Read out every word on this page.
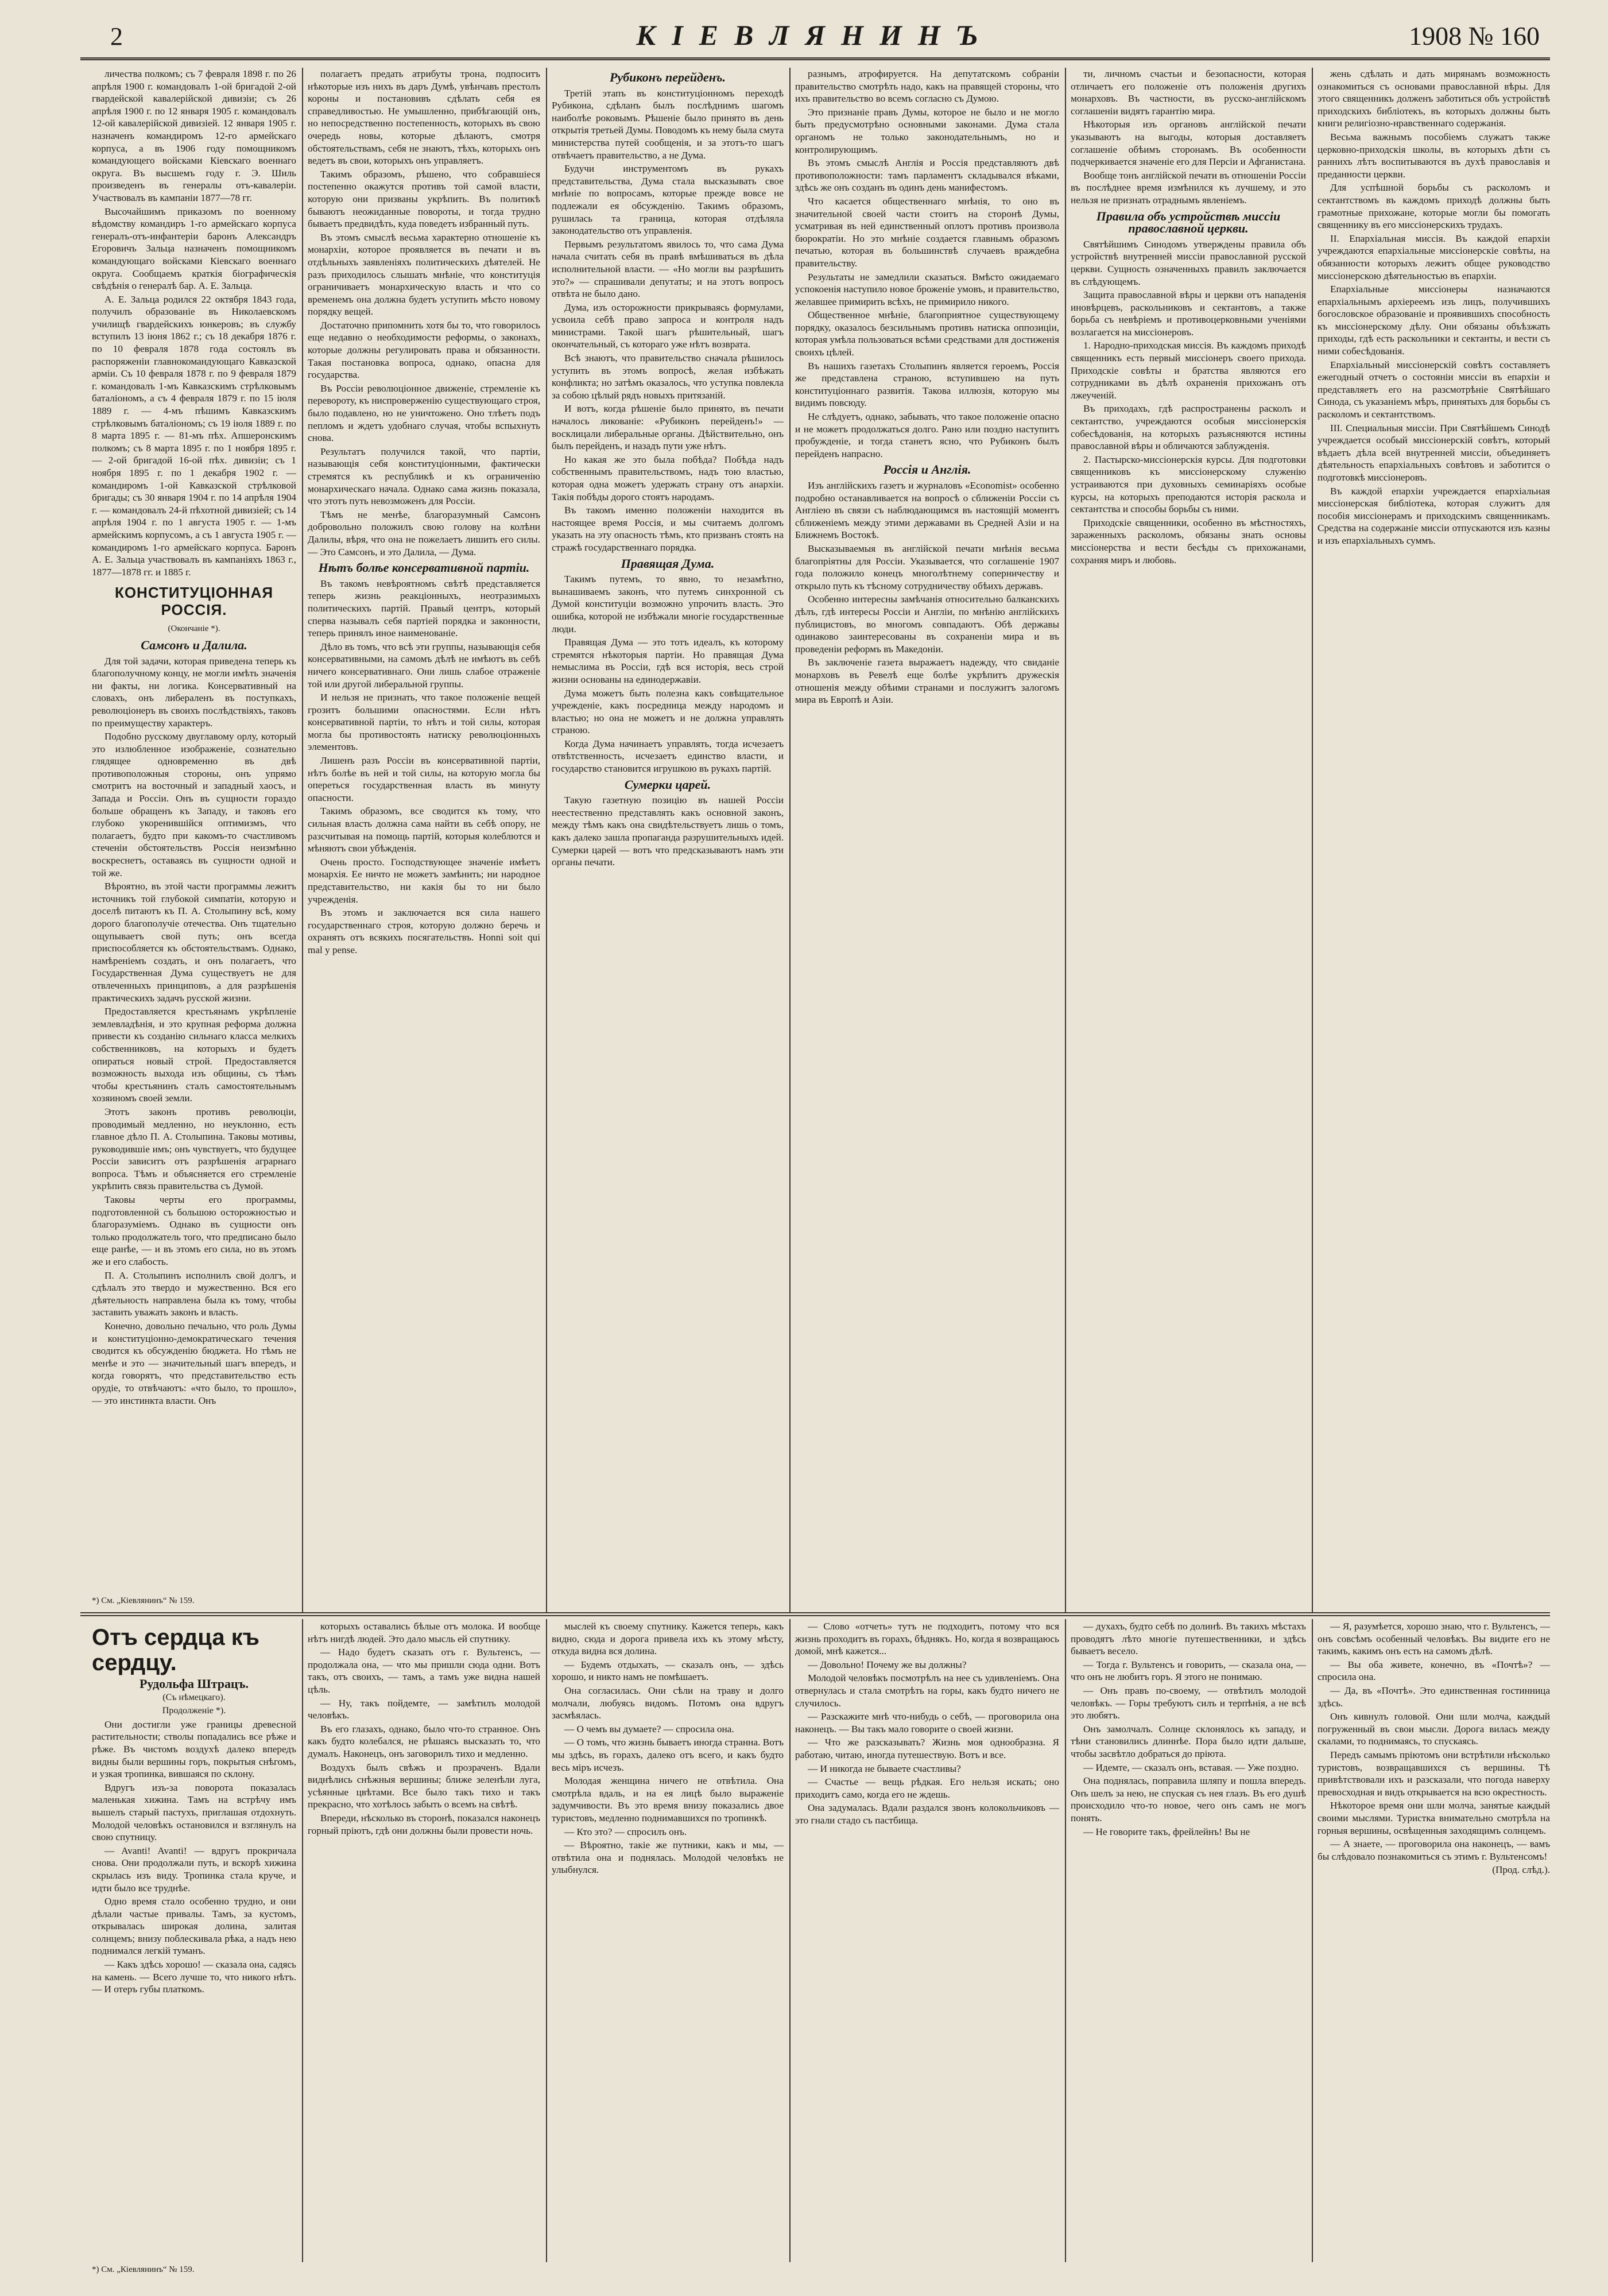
2	КІЕВЛЯНИНЪ	1908 № 160

личества полкомъ; съ 7 февраля 1898 г. по 26 апрѣля 1900 г. командовалъ 1-ой бригадой 2-ой гвардейской кавалерійской дивизіи; съ 26 апрѣля 1900 г. по 12 января 1905 г. командовалъ 12-ой кавалерійской дивизіей. 12 января 1905 г. назначенъ командиромъ 12-го армейскаго корпуса, а въ 1906 году помощникомъ командующего войсками Кіевскаго военнаго округа. Въ высшемъ году г. Э. Шиль произведенъ въ генералы отъ-кавалеріи. Участвовалъ въ кампаніи 1877—78 гг.

Высочайшимъ приказомъ по военному вѣдомству командиръ 1-го армейскаго корпуса генералъ-отъ-инфантеріи баронъ Александръ Егоровичъ Зальца назначенъ помощникомъ командующаго войсками Кіевскаго военнаго округа. Сообщаемъ краткія біографическія свѣдѣнія о генералѣ бар. А. Е. Зальца.

А. Е. Зальца родился 22 октября 1843 года, получилъ образованіе въ Николаевскомъ училищѣ гвардейскихъ юнкеровъ; въ службу вступилъ 13 іюня 1862 г.; съ 18 декабря 1876 г. по 10 февраля 1878 года состоялъ въ распоряженіи главнокомандующаго Кавказской арміи. Съ 10 февраля 1878 г. по 9 февраля 1879 г. командовалъ 1-мъ Кавказскимъ стрѣлковымъ баталіономъ, а съ 4 февраля 1879 г. по 15 іюля 1889 г. — 4-мъ пѣшимъ Кавказскимъ стрѣлковымъ баталіономъ; съ 19 іюля 1889 г. по 8 марта 1895 г. — 81-мъ пѣх. Апшеронскимъ полкомъ; съ 8 марта 1895 г. по 1 ноября 1895 г. — 2-ой бригадой 16-ой пѣх. дивизіи; съ 1 ноября 1895 г. по 1 декабря 1902 г. — командиромъ 1-ой Кавказской стрѣлковой бригады; съ 30 января 1904 г. по 14 апрѣля 1904 г. — командовалъ 24-й пѣхотной дивизіей; съ 14 апрѣля 1904 г. по 1 августа 1905 г. — 1-мъ армейскимъ корпусомъ, а съ 1 августа 1905 г. — командиромъ 1-го армейскаго корпуса. Баронъ А. Е. Зальца участвовалъ въ кампаніяхъ 1863 г., 1877—1878 гг. и 1885 г.

КОНСТИТУЦІОННАЯ РОССІЯ.

(Окончаніе *).

Самсонъ и Далила.

Для той задачи, которая приведена теперь къ благополучному концу, не могли имѣть значенія ни факты, ни логика. Консервативный на словахъ, онъ либераленъ въ поступкахъ, революціонеръ въ своихъ послѣдствіяхъ, таковъ по преимуществу характеръ.

Подобно русскому двуглавому орлу, который это излюбленное изображеніе, сознательно глядящее одновременно въ двѣ противоположныя стороны, онъ упрямо смотритъ на восточный и западный хаосъ, и Запада и Россіи. Онъ въ сущности гораздо больше обращенъ къ Западу, и таковъ его глубоко укоренившійся оптимизмъ, что полагаетъ, будто при какомъ-то счастливомъ стеченіи обстоятельствъ Россія неизмѣнно воскреснетъ, оставаясь въ сущности одной и той же.

Вѣроятно, въ этой части программы лежитъ источникъ той глубокой симпатіи, которую и доселѣ питаютъ къ П. А. Столыпину всѣ, кому дорого благополучіе отечества. Онъ тщательно ощупываетъ свой путь; онъ всегда приспособляется къ обстоятельствамъ. Однако, намѣреніемъ создать, и онъ полагаетъ, что Государственная Дума существуетъ не для отвлеченныхъ принциповъ, а для разрѣшенія практическихъ задачъ русской жизни.

Предоставляется крестьянамъ укрѣпленіе землевладѣнія, и это крупная реформа должна привести къ созданію сильнаго класса мелкихъ собственниковъ, на которыхъ и будетъ опираться новый строй. Предоставляется возможность выхода изъ общины, съ тѣмъ чтобы крестьянинъ сталъ самостоятельнымъ хозяиномъ своей земли.

Этотъ законъ противъ революціи, проводимый медленно, но неуклонно, есть главное дѣло П. А. Столыпина. Таковы мотивы, руководившіе имъ; онъ чувствуетъ, что будущее Россіи зависитъ отъ разрѣшенія аграрнаго вопроса. Тѣмъ и объясняется его стремленіе укрѣпить связь правительства съ Думой.

Таковы черты его программы, подготовленной съ большою осторожностью и благоразуміемъ. Однако въ сущности онъ только продолжатель того, что предписано было еще ранѣе, — и въ этомъ его сила, но въ этомъ же и его слабость.

П. А. Столыпинъ исполнилъ свой долгъ, и сдѣлалъ это твердо и мужественно. Вся его дѣятельность направлена была къ тому, чтобы заставить уважать законъ и власть.

Конечно, довольно печально, что роль Думы и конституціонно-демократическаго течения сводится къ обсужденію бюджета. Но тѣмъ не менѣе и это — значительный шагъ впередъ, и когда говорятъ, что представительство есть орудіе, то отвѣчаютъ: «что было, то прошло», — это инстинкта власти. Онъ

*) См. „Кіевлянинъ“ № 159.

полагаетъ предать атрибуты трона, подпоситъ нѣкоторые изъ нихъ въ даръ Думѣ, увѣнчавъ престолъ короны и постановивъ сдѣлать себя ея справедливостью. Не умышленно, прибѣгающій онъ, но непосредственно постепенность, которыхъ въ свою очередь новы, которые дѣлаютъ, смотря обстоятельствамъ, себя не знаютъ, тѣхъ, которыхъ онъ ведетъ въ свои, которыхъ онъ управляетъ.

Такимъ образомъ, рѣшено, что собравшіеся постепенно окажутся противъ той самой власти, которую они призваны укрѣпить. Въ политикѣ бываютъ неожиданные повороты, и тогда трудно бываетъ предвидѣть, куда поведетъ избранный путь.

Въ этомъ смыслѣ весьма характерно отношеніе къ монархіи, которое проявляется въ печати и въ отдѣльныхъ заявленіяхъ политическихъ дѣятелей. Не разъ приходилось слышать мнѣніе, что конституція ограничиваетъ монархическую власть и что со временемъ она должна будетъ уступить мѣсто новому порядку вещей.

Достаточно припомнить хотя бы то, что говорилось еще недавно о необходимости реформы, о законахъ, которые должны регулировать права и обязанности. Такая постановка вопроса, однако, опасна для государства.

Въ Россіи революціонное движеніе, стремленіе къ перевороту, къ ниспроверженію существующаго строя, было подавлено, но не уничтожено. Оно тлѣетъ подъ пепломъ и ждетъ удобнаго случая, чтобы вспыхнуть снова.

Результатъ получился такой, что партіи, называющія себя конституціонными, фактически стремятся къ республикѣ и къ ограниченію монархическаго начала. Однако сама жизнь показала, что этотъ путь невозможенъ для Россіи.

Тѣмъ не менѣе, благоразумный Самсонъ добровольно положилъ свою голову на колѣни Далилы, вѣря, что она не пожелаетъ лишить его силы. — Это Самсонъ, и это Далила, — Дума.

Нѣтъ болѣе консервативной партіи.

Въ такомъ невѣроятномъ свѣтѣ представляется теперь жизнь реакціонныхъ, неотразимыхъ политическихъ партій. Правый центръ, который сперва называлъ себя партіей порядка и законности, теперь принялъ иное наименованіе.

Дѣло въ томъ, что всѣ эти группы, называющія себя консервативными, на самомъ дѣлѣ не имѣютъ въ себѣ ничего консервативнаго. Они лишь слабое отраженіе той или другой либеральной группы.

И нельзя не признать, что такое положеніе вещей грозитъ большими опасностями. Если нѣтъ консервативной партіи, то нѣтъ и той силы, которая могла бы противостоять натиску революціонныхъ элементовъ.

Лишенъ разъ Россіи въ консервативной партіи, нѣтъ болѣе въ ней и той силы, на которую могла бы опереться государственная власть въ минуту опасности.

Такимъ образомъ, все сводится къ тому, что сильная власть должна сама найти въ себѣ опору, не разсчитывая на помощь партій, которыя колеблются и мѣняютъ свои убѣжденія.

Очень просто. Господствующее значеніе имѣетъ монархія. Ее ничто не можетъ замѣнить; ни народное представительство, ни какія бы то ни было учрежденія.

Въ этомъ и заключается вся сила нашего государственнаго строя, которую должно беречь и охранять отъ всякихъ посягательствъ. Honni soit qui mal y pense.

Рубиконъ перейденъ.

Третій этапъ въ конституціонномъ переходѣ Рубикона, сдѣланъ былъ послѣднимъ шагомъ наиболѣе роковымъ. Рѣшеніе было принято въ день открытія третьей Думы. Поводомъ къ нему была смута министерства путей сообщенія, и за этотъ-то шагъ отвѣчаетъ правительство, а не Дума.

Будучи инструментомъ въ рукахъ представительства, Дума стала высказывать свое мнѣніе по вопросамъ, которые прежде вовсе не подлежали ея обсужденію. Такимъ образомъ, рушилась та граница, которая отдѣляла законодательство отъ управленія.

Первымъ результатомъ явилось то, что сама Дума начала считать себя въ правѣ вмѣшиваться въ дѣла исполнительной власти. — «Но могли вы разрѣшить это?» — спрашивали депутаты; и на этотъ вопросъ отвѣта не было дано.

Дума, изъ осторожности прикрываясь формулами, усвоила себѣ право запроса и контроля надъ министрами. Такой шагъ рѣшительный, шагъ окончательный, съ котораго уже нѣтъ возврата.

Всѣ знаютъ, что правительство сначала рѣшилось уступить въ этомъ вопросѣ, желая избѣжать конфликта; но затѣмъ оказалось, что уступка повлекла за собою цѣлый рядъ новыхъ притязаній.

И вотъ, когда рѣшеніе было принято, въ печати началось ликованіе: «Рубиконъ перейденъ!» — восклицали либеральные органы. Дѣйствительно, онъ былъ перейденъ, и назадъ пути уже нѣтъ.

Но какая же это была побѣда? Побѣда надъ собственнымъ правительствомъ, надъ тою властью, которая одна можетъ удержать страну отъ анархіи. Такія побѣды дорого стоятъ народамъ.

Въ такомъ именно положеніи находится въ настоящее время Россія, и мы считаемъ долгомъ указать на эту опасность тѣмъ, кто призванъ стоять на стражѣ государственнаго порядка.

Правящая Дума.

Такимъ путемъ, то явно, то незамѣтно, вынашиваемъ законъ, что путемъ синхронной съ Думой конституціи возможно упрочить власть. Это ошибка, которой не избѣжали многіе государственные люди.

Правящая Дума — это тотъ идеалъ, къ которому стремятся нѣкоторыя партіи. Но правящая Дума немыслима въ Россіи, гдѣ вся исторія, весь строй жизни основаны на единодержавіи.

Дума можетъ быть полезна какъ совѣщательное учрежденіе, какъ посредница между народомъ и властью; но она не можетъ и не должна управлять страною.

Когда Дума начинаетъ управлять, тогда исчезаетъ отвѣтственность, исчезаетъ единство власти, и государство становится игрушкою въ рукахъ партій.

Сумерки царей.

Такую газетную позицію въ нашей Россіи неестественно представлять какъ основной законъ, между тѣмъ какъ она свидѣтельствуетъ лишь о томъ, какъ далеко зашла пропаганда разрушительныхъ идей. Сумерки царей — вотъ что предсказываютъ намъ эти органы печати.

разнымъ, атрофируется. На депутатскомъ собраніи правительство смотрѣть надо, какъ на правящей стороны, что ихъ правительство во всемъ согласно съ Думою.

Это признаніе правъ Думы, которое не было и не могло быть предусмотрѣно основными законами. Дума стала органомъ не только законодательнымъ, но и контролирующимъ.

Въ этомъ смыслѣ Англія и Россія представляютъ двѣ противоположности: тамъ парламентъ складывался вѣками, здѣсь же онъ созданъ въ одинъ день манифестомъ.

Что касается общественнаго мнѣнія, то оно въ значительной своей части стоитъ на сторонѣ Думы, усматривая въ ней единственный оплотъ противъ произвола бюрократіи. Но это мнѣніе создается главнымъ образомъ печатью, которая въ большинствѣ случаевъ враждебна правительству.

Результаты не замедлили сказаться. Вмѣсто ожидаемаго успокоенія наступило новое броженіе умовъ, и правительство, желавшее примирить всѣхъ, не примирило никого.

Общественное мнѣніе, благоприятное существующему порядку, оказалось безсильнымъ противъ натиска оппозиціи, которая умѣла пользоваться всѣми средствами для достиженія своихъ цѣлей.

Въ нашихъ газетахъ Столыпинъ является героемъ, Россія же представлена страною, вступившею на путь конституціоннаго развитія. Такова иллюзія, которую мы видимъ повсюду.

Не слѣдуетъ, однако, забывать, что такое положеніе опасно и не можетъ продолжаться долго. Рано или поздно наступитъ пробужденіе, и тогда станетъ ясно, что Рубиконъ былъ перейденъ напрасно.

Россія и Англія.

Изъ англійскихъ газетъ и журналовъ «Economist» особенно подробно останавливается на вопросѣ о сближеніи Россіи съ Англіею въ связи съ наблюдающимся въ настоящій моментъ сближеніемъ между этими державами въ Средней Азіи и на Ближнемъ Востокѣ.

Высказываемыя въ англійской печати мнѣнія весьма благопріятны для Россіи. Указывается, что соглашеніе 1907 года положило конецъ многолѣтнему соперничеству и открыло путь къ тѣсному сотрудничеству обѣихъ державъ.

Особенно интересны замѣчанія относительно балканскихъ дѣлъ, гдѣ интересы Россіи и Англіи, по мнѣнію англійскихъ публицистовъ, во многомъ совпадаютъ. Обѣ державы одинаково заинтересованы въ сохраненіи мира и въ проведеніи реформъ въ Македоніи.

Въ заключеніе газета выражаетъ надежду, что свиданіе монарховъ въ Ревелѣ еще болѣе укрѣпитъ дружескія отношенія между обѣими странами и послужитъ залогомъ мира въ Европѣ и Азіи.

ти, личномъ счастьи и безопасности, которая отличаетъ его положеніе отъ положенія другихъ монарховъ. Въ частности, въ русско-англійскомъ соглашеніи видятъ гарантію мира.

Нѣкоторыя изъ органовъ англійской печати указываютъ на выгоды, которыя доставляетъ соглашеніе обѣимъ сторонамъ. Въ особенности подчеркивается значеніе его для Персіи и Афганистана.

Вообще тонъ англійской печати въ отношеніи Россіи въ послѣднее время измѣнился къ лучшему, и это нельзя не признать отраднымъ явленіемъ.

Правила объ устройствѣ миссіи православной церкви.

Святѣйшимъ Синодомъ утверждены правила объ устройствѣ внутренней миссіи православной русской церкви. Сущность означенныхъ правилъ заключается въ слѣдующемъ.

Защита православной вѣры и церкви отъ нападенія иновѣрцевъ, раскольниковъ и сектантовъ, а также борьба съ невѣріемъ и противоцерковными ученіями возлагается на миссіонеровъ.

1. Народно-приходская миссія. Въ каждомъ приходѣ священникъ есть первый миссіонеръ своего прихода. Приходскіе совѣты и братства являются его сотрудниками въ дѣлѣ охраненія прихожанъ отъ лжеученій.

Въ приходахъ, гдѣ распространены расколъ и сектантство, учреждаются особыя миссіонерскія собесѣдованія, на которыхъ разъясняются истины православной вѣры и обличаются заблужденія.

2. Пастырско-миссіонерскія курсы. Для подготовки священниковъ къ миссіонерскому служенію устраиваются при духовныхъ семинаріяхъ особые курсы, на которыхъ преподаются исторія раскола и сектантства и способы борьбы съ ними.

Приходскіе священники, особенно въ мѣстностяхъ, зараженныхъ расколомъ, обязаны знать основы миссіонерства и вести бесѣды съ прихожанами, сохраняя миръ и любовь.

жень сдѣлать и дать мирянамъ возможность ознакомиться съ основами православной вѣры. Для этого священникъ долженъ заботиться объ устройствѣ приходскихъ библіотекъ, въ которыхъ должны быть книги религіозно-нравственнаго содержанія.

Весьма важнымъ пособіемъ служатъ также церковно-приходскія школы, въ которыхъ дѣти съ раннихъ лѣтъ воспитываются въ духѣ православія и преданности церкви.

Для успѣшной борьбы съ расколомъ и сектантствомъ въ каждомъ приходѣ должны быть грамотные прихожане, которые могли бы помогать священнику въ его миссіонерскихъ трудахъ.

II. Епархіальная миссія. Въ каждой епархіи учреждаются епархіальные миссіонерскіе совѣты, на обязанности которыхъ лежитъ общее руководство миссіонерскою дѣятельностью въ епархіи.

Епархіальные миссіонеры назначаются епархіальнымъ архіереемъ изъ лицъ, получившихъ богословское образованіе и проявившихъ способность къ миссіонерскому дѣлу. Они обязаны объѣзжать приходы, гдѣ есть раскольники и сектанты, и вести съ ними собесѣдованія.

Епархіальный миссіонерскій совѣтъ составляетъ ежегодный отчетъ о состояніи миссіи въ епархіи и представляетъ его на разсмотрѣніе Святѣйшаго Синода, съ указаніемъ мѣръ, принятыхъ для борьбы съ расколомъ и сектантствомъ.

III. Специальныя миссіи. При Святѣйшемъ Синодѣ учреждается особый миссіонерскій совѣтъ, который вѣдаетъ дѣла всей внутренней миссіи, объединяетъ дѣятельность епархіальныхъ совѣтовъ и заботится о подготовкѣ миссіонеровъ.

Въ каждой епархіи учреждается епархіальная миссіонерская библіотека, которая служитъ для пособія миссіонерамъ и приходскимъ священникамъ. Средства на содержаніе миссіи отпускаются изъ казны и изъ епархіальныхъ суммъ.

Отъ сердца къ сердцу.
Рудольфа Штрацъ.
(Съ нѣмецкаго).
Продолженіе *).

Они достигли уже границы древесной растительности; стволы попадались все рѣже и рѣже. Въ чистомъ воздухѣ далеко впередъ видны были вершины горъ, покрытыя снѣгомъ, и узкая тропинка, вившаяся по склону.

Вдругъ изъ-за поворота показалась маленькая хижина. Тамъ на встрѣчу имъ вышелъ старый пастухъ, приглашая отдохнуть. Молодой человѣкъ остановился и взглянулъ на свою спутницу.

— Avanti! Avanti! — вдругъ прокричала снова. Они продолжали путь, и вскорѣ хижина скрылась изъ виду. Тропинка стала круче, и идти было все труднѣе.

Одно время стало особенно трудно, и они дѣлали частые привалы. Тамъ, за кустомъ, открывалась широкая долина, залитая солнцемъ; внизу поблескивала рѣка, а надъ нею поднимался легкій туманъ.

— Какъ здѣсь хорошо! — сказала она, садясь на камень. — Всего лучше то, что никого нѣтъ. — И отеръ губы платкомъ.

*) См. „Кіевлянинъ“ № 159.

которыхъ оставались бѣлые отъ молока. И вообще нѣтъ нигдѣ людей. Это дало мысль ей спутнику.

— Надо будетъ сказать отъ г. Вультенсъ, — продолжала она, — что мы пришли сюда одни. Вотъ такъ, отъ своихъ, — тамъ, а тамъ уже видна нашей цѣль.

— Ну, такъ пойдемте, — замѣтилъ молодой человѣкъ.

Въ его глазахъ, однако, было что-то странное. Онъ какъ будто колебался, не рѣшаясь высказать то, что думалъ. Наконецъ, онъ заговорилъ тихо и медленно.

Воздухъ былъ свѣжъ и прозраченъ. Вдали виднѣлись снѣжныя вершины; ближе зеленѣли луга, усѣянные цвѣтами. Все было такъ тихо и такъ прекрасно, что хотѣлось забыть о всемъ на свѣтѣ.

Впереди, нѣсколько въ сторонѣ, показался наконецъ горный пріютъ, гдѣ они должны были провести ночь.

мыслей къ своему спутнику. Кажется теперь, какъ видно, сюда и дорога привела ихъ къ этому мѣсту, откуда видна вся долина.

— Будемъ отдыхать, — сказалъ онъ, — здѣсь хорошо, и никто намъ не помѣшаетъ.

Она согласилась. Они сѣли на траву и долго молчали, любуясь видомъ. Потомъ она вдругъ засмѣялась.

— О чемъ вы думаете? — спросила она.

— О томъ, что жизнь бываетъ иногда странна. Вотъ мы здѣсь, въ горахъ, далеко отъ всего, и какъ будто весь міръ исчезъ.

Молодая женщина ничего не отвѣтила. Она смотрѣла вдаль, и на ея лицѣ было выраженіе задумчивости. Въ это время внизу показались двое туристовъ, медленно поднимавшихся по тропинкѣ.

— Кто это? — спросилъ онъ.

— Вѣроятно, такіе же путники, какъ и мы, — отвѣтила она и поднялась. Молодой человѣкъ не улыбнулся.

— Слово «отчеть» тутъ не подходитъ, потому что вся жизнь проходитъ въ горахъ, бѣднякъ. Но, когда я возвращаюсь домой, мнѣ кажется...

— Довольно! Почему же вы должны?

Молодой человѣкъ посмотрѣлъ на нее съ удивленіемъ. Она отвернулась и стала смотрѣть на горы, какъ будто ничего не случилось.

— Разскажите мнѣ что-нибудь о себѣ, — проговорила она наконецъ. — Вы такъ мало говорите о своей жизни.

— Что же разсказывать? Жизнь моя однообразна. Я работаю, читаю, иногда путешествую. Вотъ и все.

— И никогда не бываете счастливы?

— Счастье — вещь рѣдкая. Его нельзя искать; оно приходитъ само, когда его не ждешь.

Она задумалась. Вдали раздался звонъ колокольчиковъ — это гнали стадо съ пастбища.

— духахъ, будто себѣ по долинѣ. Въ такихъ мѣстахъ проводятъ лѣто многіе путешественники, и здѣсь бываетъ весело.

— Тогда г. Вультенсъ и говорить, — сказала она, — что онъ не любитъ горъ. Я этого не понимаю.

— Онъ правъ по-своему, — отвѣтилъ молодой человѣкъ. — Горы требуютъ силъ и терпѣнія, а не всѣ это любятъ.

Онъ замолчалъ. Солнце склонялось къ западу, и тѣни становились длиннѣе. Пора было идти дальше, чтобы засвѣтло добраться до пріюта.

— Идемте, — сказалъ онъ, вставая. — Уже поздно.

Она поднялась, поправила шляпу и пошла впередъ. Онъ шелъ за нею, не спуская съ нея глазъ. Въ его душѣ происходило что-то новое, чего онъ самъ не могъ понять.

— Не говорите такъ, фрейлейнъ! Вы не

— Я, разумѣется, хорошо знаю, что г. Вультенсъ, — онъ совсѣмъ особенный человѣкъ. Вы видите его не такимъ, какимъ онъ есть на самомъ дѣлѣ.

— Вы оба живете, конечно, въ «Почтѣ»? — спросила она.

— Да, въ «Почтѣ». Это единственная гостинница здѣсь.

Онъ кивнулъ головой. Они шли молча, каждый погруженный въ свои мысли. Дорога вилась между скалами, то поднимаясь, то спускаясь.

Передъ самымъ пріютомъ они встрѣтили нѣсколько туристовъ, возвращавшихся съ вершины. Тѣ привѣтствовали ихъ и разсказали, что погода наверху превосходная и видъ открывается на всю окрестность.

Нѣкоторое время они шли молча, занятые каждый своими мыслями. Туристка внимательно смотрѣла на горныя вершины, освѣщенныя заходящимъ солнцемъ.

— А знаете, — проговорила она наконецъ, — вамъ бы слѣдовало познакомиться съ этимъ г. Вультенсомъ!

(Прод. слѣд.).
